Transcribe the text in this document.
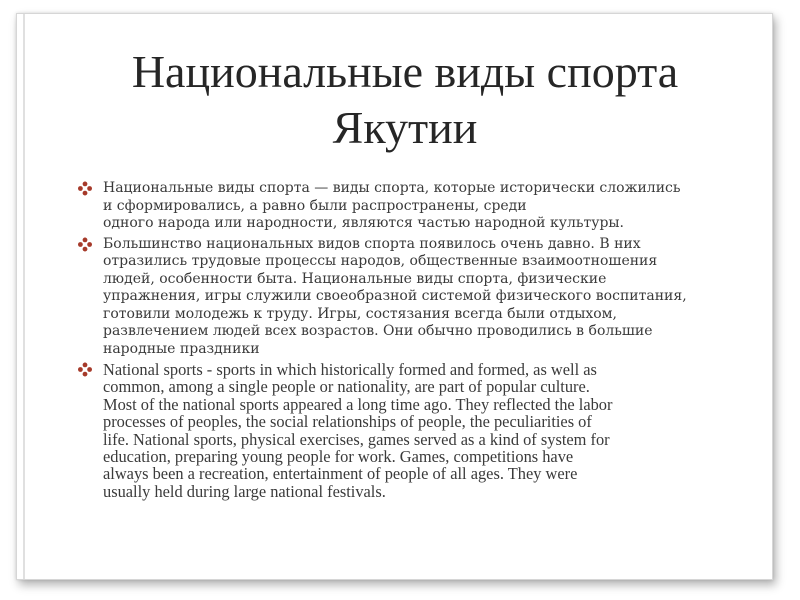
Национальные виды спорта
Якутии
Национальные виды спорта — виды спорта, которые исторически сложились
и сформировались, а равно были распространены, среди
одного народа или народности, являются частью народной культуры.
Большинство национальных видов спорта появилось очень давно. В них
отразились трудовые процессы народов, общественные взаимоотношения
людей, особенности быта. Национальные виды спорта, физические
упражнения, игры служили своеобразной системой физического воспитания,
готовили молодежь к труду. Игры, состязания всегда были отдыхом,
развлечением людей всех возрастов. Они обычно проводились в большие
народные праздники
National sports - sports in which historically formed and formed, as well as
common, among a single people or nationality, are part of popular culture.
Most of the national sports appeared a long time ago. They reflected the labor
processes of peoples, the social relationships of people, the peculiarities of
life. National sports, physical exercises, games served as a kind of system for
education, preparing young people for work. Games, competitions have
always been a recreation, entertainment of people of all ages. They were
usually held during large national festivals.
